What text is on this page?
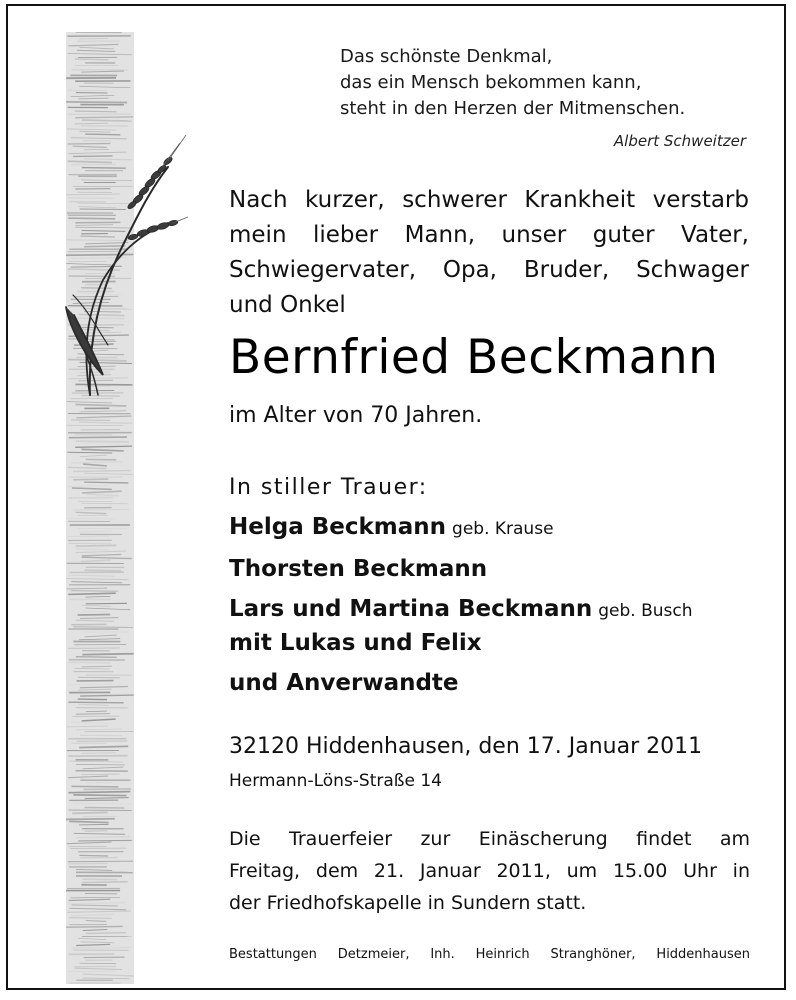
Das schönste Denkmal,
das ein Mensch bekommen kann,
steht in den Herzen der Mitmenschen.
Albert Schweitzer
Nach kurzer, schwerer Krankheit verstarb
mein lieber Mann, unser guter Vater,
Schwiegervater, Opa, Bruder, Schwager
und Onkel
Bernfried Beckmann
im Alter von 70 Jahren.
In stiller Trauer:
Helga Beckmann geb. Krause
Thorsten Beckmann
Lars und Martina Beckmann geb. Busch
mit Lukas und Felix
und Anverwandte
32120 Hiddenhausen, den 17. Januar 2011
Hermann-Löns-Straße 14
Die Trauerfeier zur Einäscherung findet am
Freitag, dem 21. Januar 2011, um 15.00 Uhr in
der Friedhofskapelle in Sundern statt.
Bestattungen Detzmeier, Inh. Heinrich Stranghöner, Hiddenhausen
